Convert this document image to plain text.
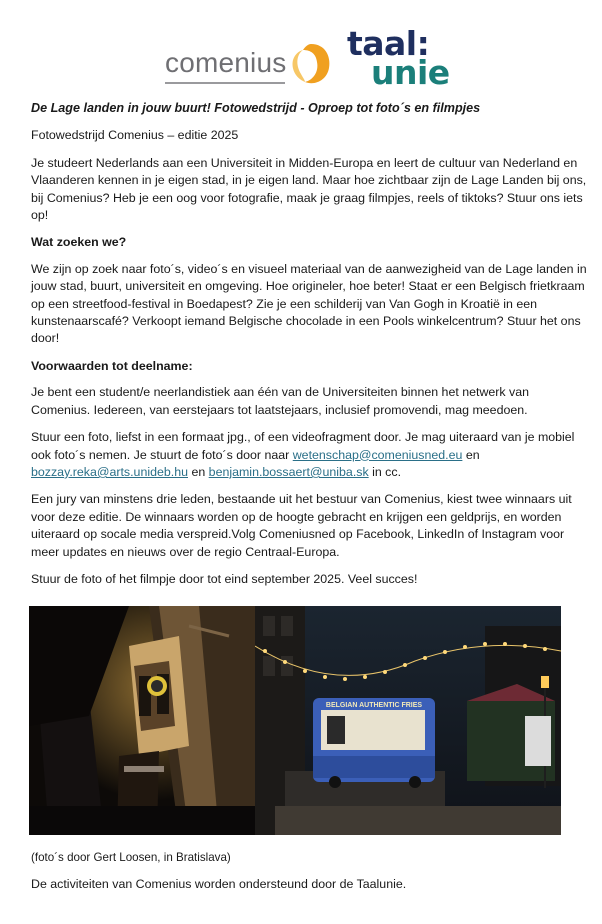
comenius taal:
unie

De Lage landen in jouw buurt! Fotowedstrijd - Oproep tot foto´s en filmpjes

Fotowedstrijd Comenius – editie 2025

Je studeert Nederlands aan een Universiteit in Midden-Europa en leert de cultuur van Nederland en Vlaanderen kennen in je eigen stad, in je eigen land. Maar hoe zichtbaar zijn de Lage Landen bij ons, bij Comenius? Heb je een oog voor fotografie, maak je graag filmpjes, reels of tiktoks? Stuur ons iets op!

Wat zoeken we?

We zijn op zoek naar foto´s, video´s en visueel materiaal van de aanwezigheid van de Lage landen in jouw stad, buurt, universiteit en omgeving. Hoe origineler, hoe beter! Staat er een Belgisch frietkraam op een streetfood-festival in Boedapest? Zie je een schilderij van Van Gogh in Kroatië in een kunstenaarscafé? Verkoopt iemand Belgische chocolade in een Pools winkelcentrum? Stuur het ons door!

Voorwaarden tot deelname:

Je bent een student/e neerlandistiek aan één van de Universiteiten binnen het netwerk van Comenius. Iedereen, van eerstejaars tot laatstejaars, inclusief promovendi, mag meedoen.

Stuur een foto, liefst in een formaat jpg., of een videofragment door. Je mag uiteraard van je mobiel ook foto´s nemen. Je stuurt de foto´s door naar wetenschap@comeniusned.eu en bozzay.reka@arts.unideb.hu en benjamin.bossaert@uniba.sk in cc.

Een jury van minstens drie leden, bestaande uit het bestuur van Comenius, kiest twee winnaars uit voor deze editie. De winnaars worden op de hoogte gebracht en krijgen een geldprijs, en worden uiteraard op socale media verspreid.Volg Comeniusned op Facebook, LinkedIn of Instagram voor meer updates en nieuws over de regio Centraal-Europa.

Stuur de foto of het filmpje door tot eind september 2025. Veel succes!

BELGIAN AUTHENTIC FRIES

(foto´s door Gert Loosen, in Bratislava)

De activiteiten van Comenius worden ondersteund door de Taalunie.
